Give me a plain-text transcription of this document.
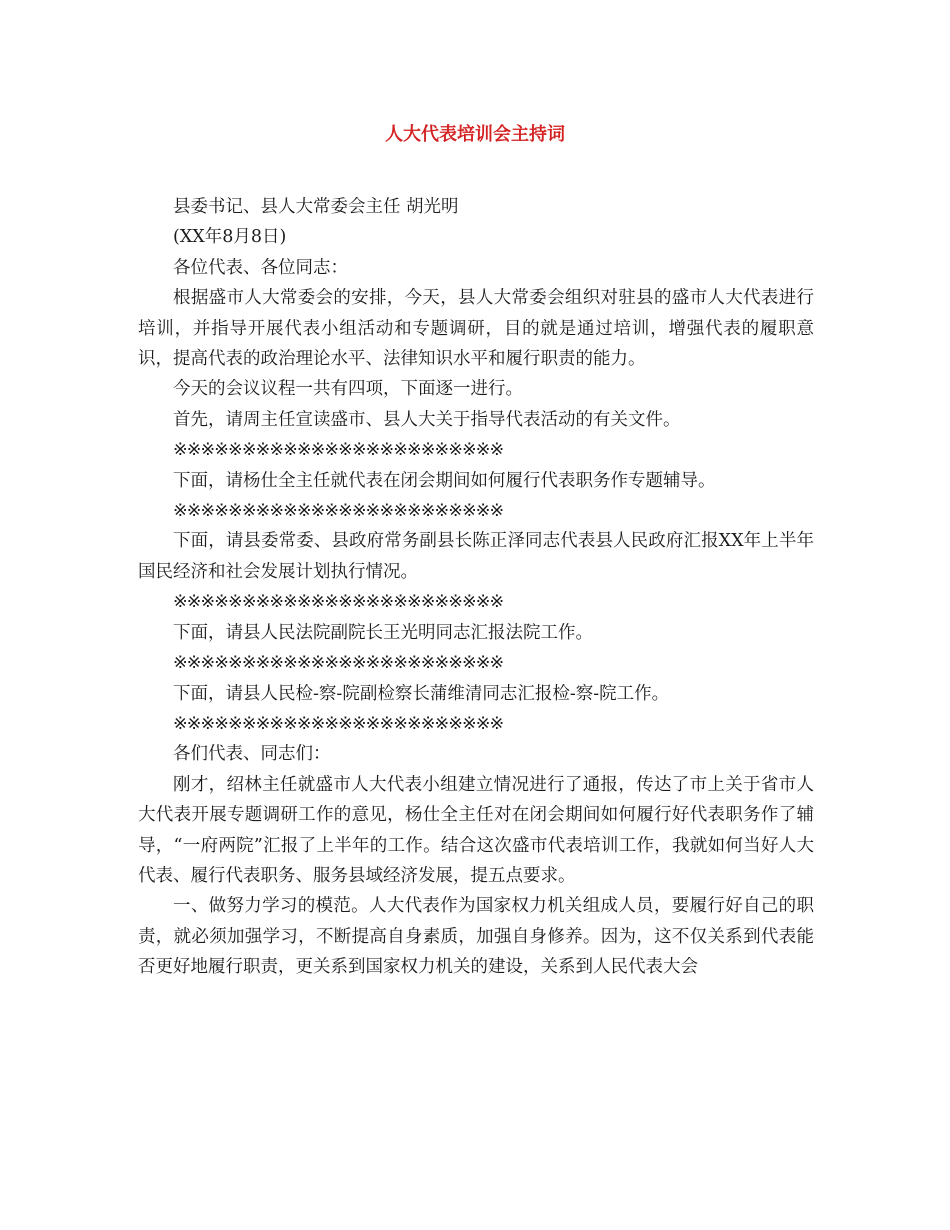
人大代表培训会主持词

县委书记、县人大常委会主任 胡光明

(XX年8月8日)

各位代表、各位同志：

根据盛市人大常委会的安排，今天，县人大常委会组织对驻县的盛市人大代表进行培训，并指导开展代表小组活动和专题调研，目的就是通过培训，增强代表的履职意识，提高代表的政治理论水平、法律知识水平和履行职责的能力。

今天的会议议程一共有四项，下面逐一进行。

首先，请周主任宣读盛市、县人大关于指导代表活动的有关文件。

※※※※※※※※※※※※※※※※※※※※※※※※

下面，请杨仕全主任就代表在闭会期间如何履行代表职务作专题辅导。

※※※※※※※※※※※※※※※※※※※※※※※※

下面，请县委常委、县政府常务副县长陈正泽同志代表县人民政府汇报XX年上半年国民经济和社会发展计划执行情况。

※※※※※※※※※※※※※※※※※※※※※※※※

下面，请县人民法院副院长王光明同志汇报法院工作。

※※※※※※※※※※※※※※※※※※※※※※※※

下面，请县人民检-察-院副检察长蒲维清同志汇报检-察-院工作。

※※※※※※※※※※※※※※※※※※※※※※※※

各们代表、同志们：

刚才，绍林主任就盛市人大代表小组建立情况进行了通报，传达了市上关于省市人大代表开展专题调研工作的意见，杨仕全主任对在闭会期间如何履行好代表职务作了辅导，“一府两院”汇报了上半年的工作。结合这次盛市代表培训工作，我就如何当好人大代表、履行代表职务、服务县域经济发展，提五点要求。

一、做努力学习的模范。人大代表作为国家权力机关组成人员，要履行好自己的职责，就必须加强学习，不断提高自身素质，加强自身修养。因为，这不仅关系到代表能否更好地履行职责，更关系到国家权力机关的建设，关系到人民代表大会
